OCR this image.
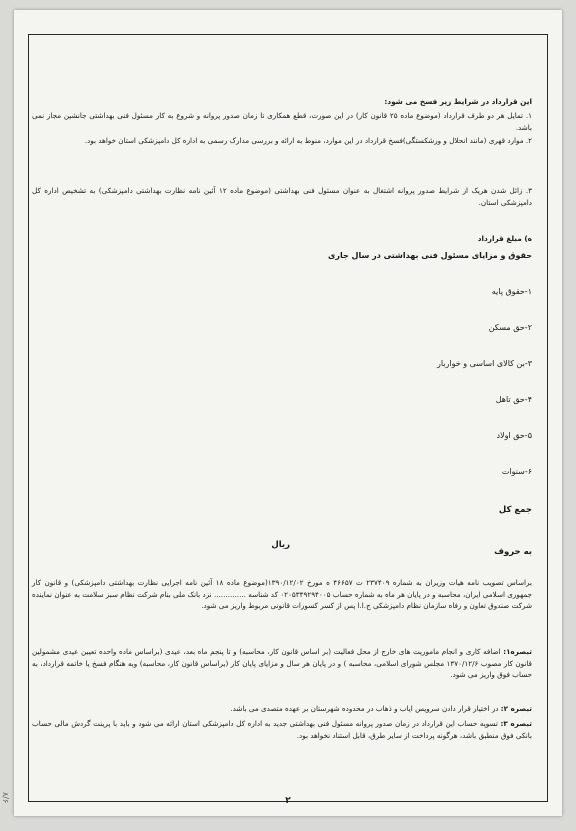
این قرارداد در شرایط زیر فسخ می شود:
۱. تمایل هر دو طرف قرارداد (موضوع ماده ۲۵ قانون کار) در این صورت، قطع همکاری تا زمان صدور پروانه و شروع به کار مسئول فنی بهداشتی جانشین مجاز نمی باشد.
۲. موارد قهری (مانند انحلال و ورشکستگی)فسخ قرارداد در این موارد، منوط به ارائه و بررسی مدارک رسمی به اداره کل دامپزشکی استان خواهد بود.
۳. زائل شدن هریک از شرایط صدور پروانه اشتغال به عنوان مسئول فنی بهداشتی (موضوع ماده ۱۲ آئین نامه نظارت بهداشتی دامپزشکی) به تشخیص اداره کل دامپزشکی استان.
ه) مبلغ قرارداد
حقوق و مزایای مسئول فنی بهداشتی در سال جاری
۱-حقوق پایه
۲-حق مسکن
۳-بن کالای اساسی و خواربار
۴-حق تاهل
۵-حق اولاد
۶-سنوات
جمع کل
ریال
به حروف
براساس تصویب نامه هیات وزیران به شماره ۲۳۷۴۰۹ ت ۴۶۶۵۷ ه مورخ ۱۳۹۰/۱۲/۰۲(موضوع ماده ۱۸ آئین نامه اجرایی نظارت بهداشتی دامپزشکی) و قانون کار جمهوری اسلامی ایران، محاسبه و در پایان هر ماه به شماره حساب ۰۲۰۵۳۴۹۲۹۴۰۰۵ کد شناسه .............. نزد بانک ملی بنام شرکت نظام سبز سلامت به عنوان نماینده شرکت صندوق تعاون و رفاه سازمان نظام دامپزشکی ج.ا.ا پس از کسر کسورات قانونی مربوط واریز می شود.
تبصره۱: اضافه کاری و انجام ماموریت های خارج از محل فعالیت (بر اساس قانون کار، محاسبه) و تا پنجم ماه بعد، عیدی (براساس ماده واحده تعیین عیدی مشمولین قانون کار مصوب ۱۳۷۰/۱۲/۶ مجلس شورای اسلامی، محاسبه ) و در پایان هر سال و مزایای پایان کار (براساس قانون کار، محاسبه) وبه هنگام فسخ یا خاتمه قرارداد، به حساب فوق واریز می شود.
تبصره ۲: در اختیار قرار دادن سرویس ایاب و ذهاب در محدوده شهرستان بر عهده متصدی می باشد.
تبصره ۳: تسویه حساب این قرارداد در زمان صدور پروانه مسئول فنی بهداشتی جدید به اداره کل دامپزشکی استان ارائه می شود و باید با پرینت گردش مالی حساب بانکی فوق منطبق باشد، هرگونه پرداخت از سایر طرق، قابل استناد نخواهد بود.
۲
۸/۶
